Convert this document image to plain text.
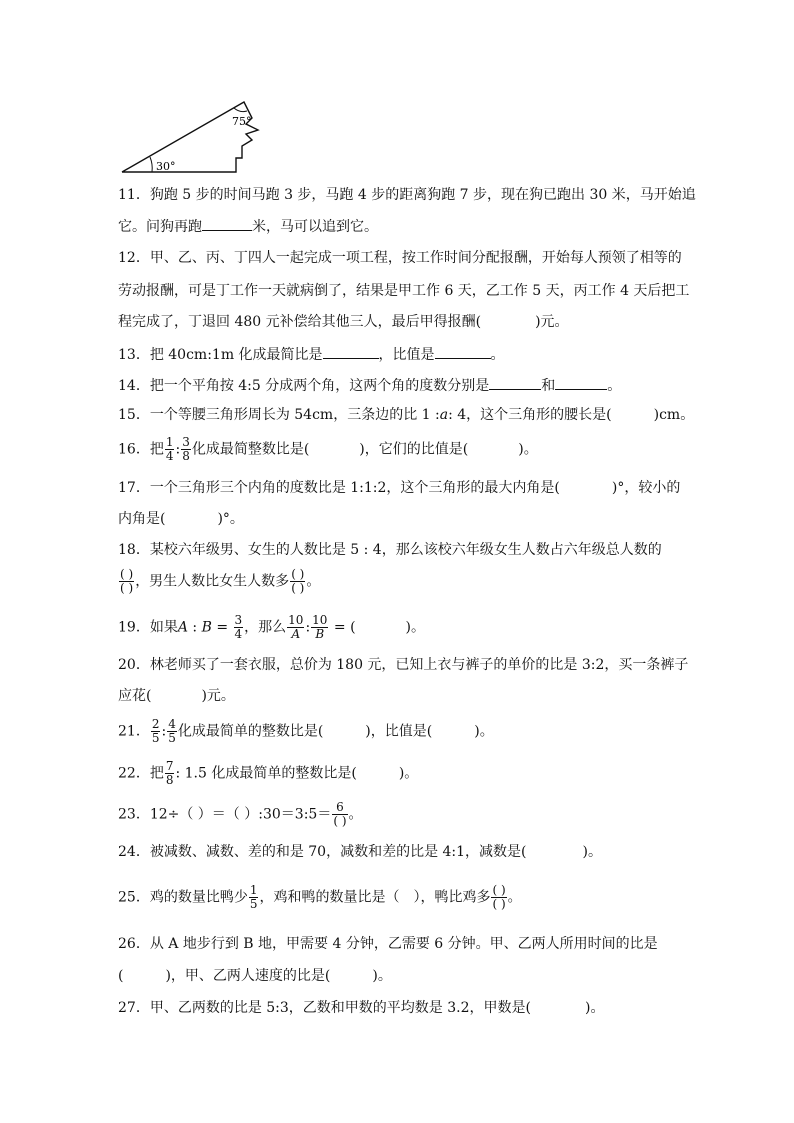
75°
30°
11．狗跑 5 步的时间马跑 3 步，马跑 4 步的距离狗跑 7 步，现在狗已跑出 30 米，马开始追
它。问狗再跑	米，马可以追到它。
12．甲、乙、丙、丁四人一起完成一项工程，按工作时间分配报酬，开始每人预领了相等的
劳动报酬，可是丁工作一天就病倒了，结果是甲工作 6 天，乙工作 5 天，丙工作 4 天后把工
程完成了，丁退回 480 元补偿给其他三人，最后甲得报酬(	)元。
13．把 40cm:1m 化成最简比是	，比值是	。
14．把一个平角按 4:5 分成两个角，这两个角的度数分别是	和	。
15．一个等腰三角形周长为 54cm，三条边的比 1 :a: 4，这个三角形的腰长是(	)cm。
16．把 $\frac{1}{4}$ : $\frac{3}{8}$ 化成最简整数比是(	)，它们的比值是(	)。
17．一个三角形三个内角的度数比是 1:1:2，这个三角形的最大内角是(	)°，较小的
内角是(	)°。
18．某校六年级男、女生的人数比是 5 : 4，那么该校六年级女生人数占六年级总人数的
$\frac{( )}{( )}$ ，男生人数比女生人数多 $\frac{( )}{( )}$ 。
19．如果A : $B = \frac{3}{4}$ ，那么 $\frac{10}{A}$ : $\frac{10}{B}$ = (	)。
20．林老师买了一套衣服，总价为 180 元，已知上衣与裤子的单价的比是 3:2，买一条裤子
应花(	)元。
21． $\frac{2}{5}$ : $\frac{4}{5}$ 化成最简单的整数比是(	)，比值是(	)。
22．把 $\frac{7}{8}$ : 1.5 化成最简单的整数比是(	)。
23．12÷（ ）＝（ ）:30＝3:5＝ $\frac{6}{( )}$ 。
24．被减数、减数、差的和是 70，减数和差的比是 4:1，减数是(	)。
25．鸡的数量比鸭少 $\frac{1}{5}$ ，鸡和鸭的数量比是（ ），鸭比鸡多 $\frac{( )}{( )}$ 。
26．从 A 地步行到 B 地，甲需要 4 分钟，乙需要 6 分钟。甲、乙两人所用时间的比是
(	)，甲、乙两人速度的比是(	)。
27．甲、乙两数的比是 5:3，乙数和甲数的平均数是 3.2，甲数是(	)。
